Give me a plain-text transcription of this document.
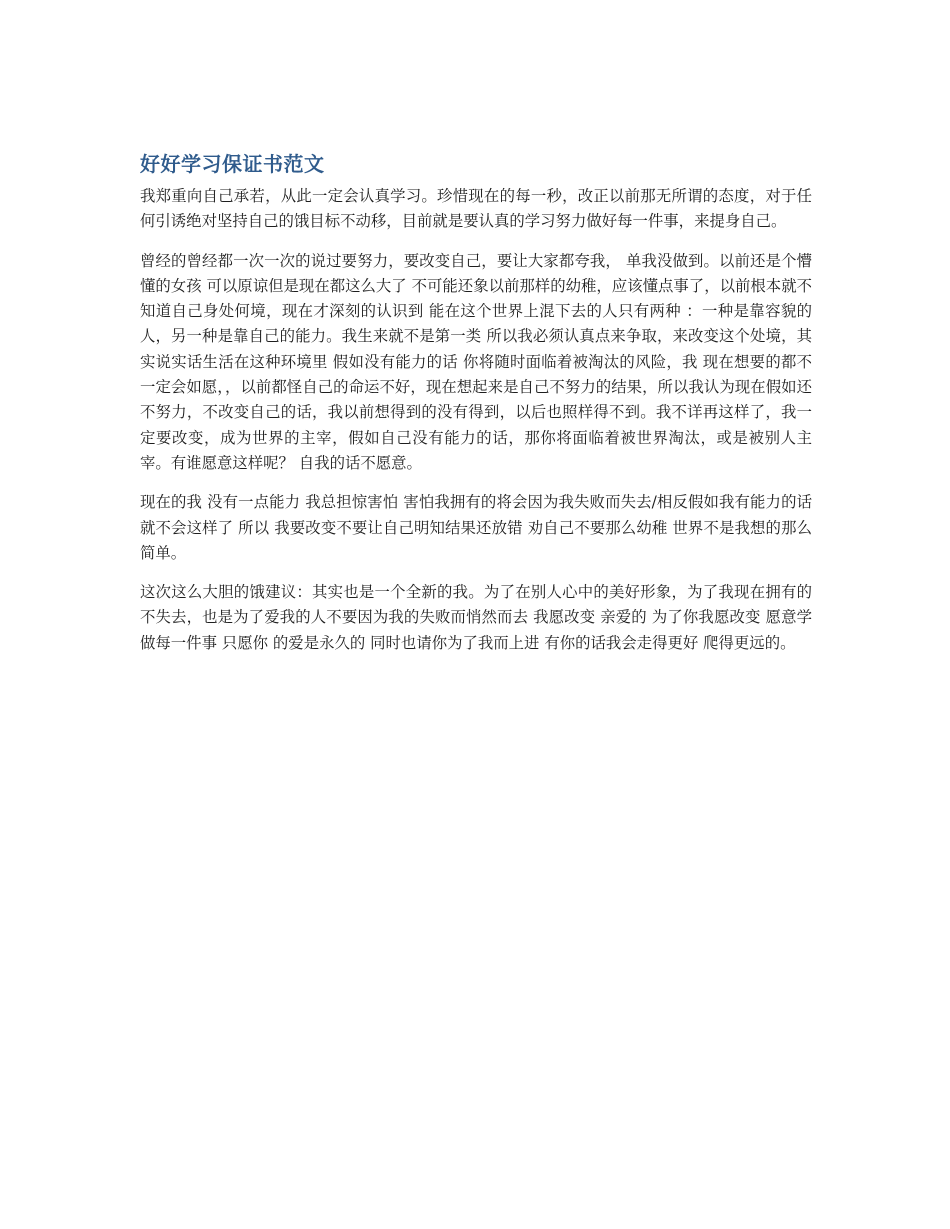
好好学习保证书范文

我郑重向自己承若，从此一定会认真学习。珍惜现在的每一秒，改正以前那无所谓的态度，对于任何引诱绝对坚持自己的饿目标不动移，目前就是要认真的学习努力做好每一件事，来提身自己。

曾经的曾经都一次一次的说过要努力，要改变自己，要让大家都夸我， 单我没做到。以前还是个懵懂的女孩 可以原谅但是现在都这么大了 不可能还象以前那样的幼稚，应该懂点事了，以前根本就不知道自己身处何境，现在才深刻的认识到 能在这个世界上混下去的人只有两种 ：一种是靠容貌的人，另一种是靠自己的能力。我生来就不是第一类 所以我必须认真点来争取，来改变这个处境，其实说实话生活在这种环境里 假如没有能力的话 你将随时面临着被淘汰的风险，我 现在想要的都不一定会如愿，，以前都怪自己的命运不好，现在想起来是自己不努力的结果，所以我认为现在假如还不努力，不改变自己的话，我以前想得到的没有得到，以后也照样得不到。我不详再这样了，我一定要改变，成为世界的主宰，假如自己没有能力的话，那你将面临着被世界淘汰，或是被别人主宰。有谁愿意这样呢？ 自我的话不愿意。

现在的我 没有一点能力 我总担惊害怕 害怕我拥有的将会因为我失败而失去/相反假如我有能力的话就不会这样了 所以 我要改变不要让自己明知结果还放错 劝自己不要那么幼稚 世界不是我想的那么简单。

这次这么大胆的饿建议：其实也是一个全新的我。为了在别人心中的美好形象，为了我现在拥有的不失去，也是为了爱我的人不要因为我的失败而悄然而去 我愿改变 亲爱的 为了你我愿改变 愿意学做每一件事 只愿你 的爱是永久的 同时也请你为了我而上进 有你的话我会走得更好 爬得更远的。
